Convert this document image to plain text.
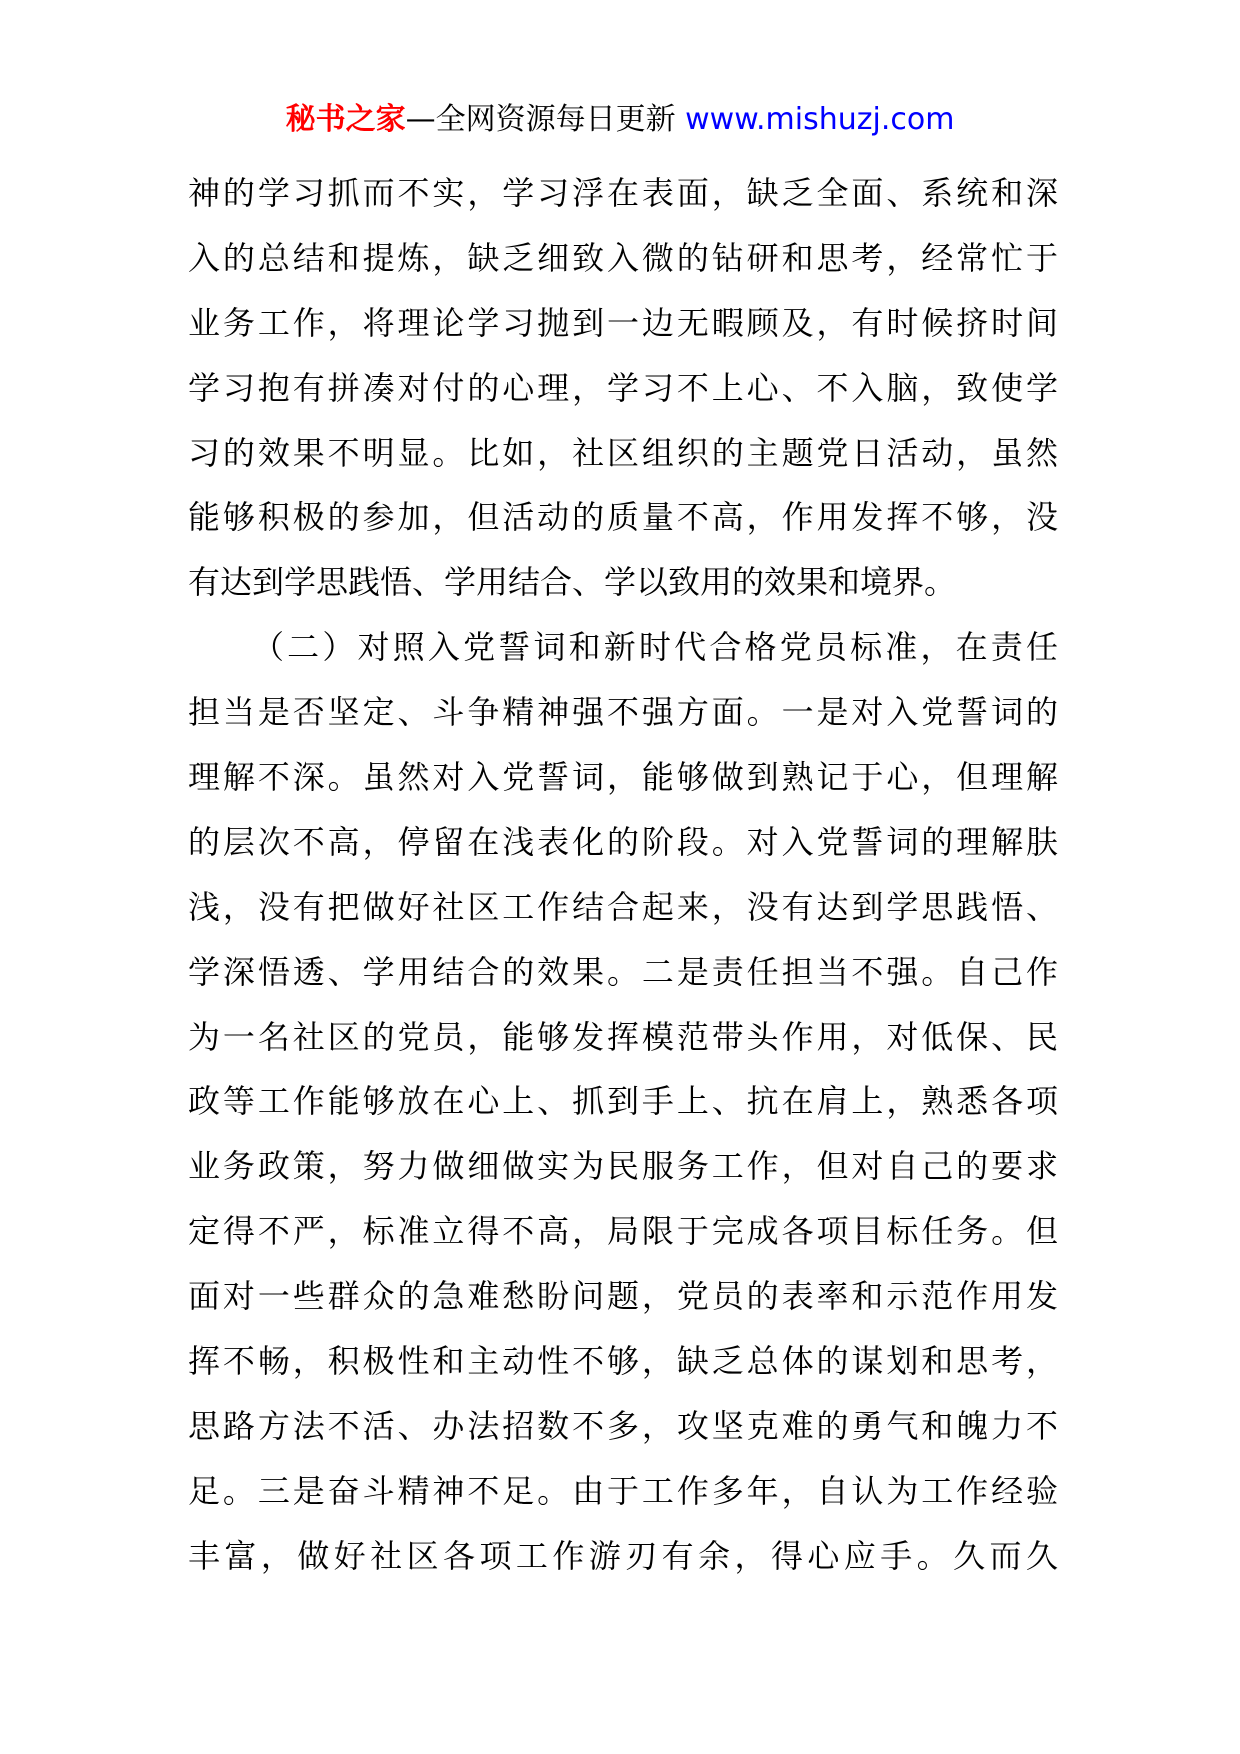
秘书之家—全网资源每日更新 www.mishuzj.com
神的学习抓而不实，学习浮在表面，缺乏全面、系统和深
入的总结和提炼，缺乏细致入微的钻研和思考，经常忙于
业务工作，将理论学习抛到一边无暇顾及，有时候挤时间
学习抱有拼凑对付的心理，学习不上心、不入脑，致使学
习的效果不明显。比如，社区组织的主题党日活动，虽然
能够积极的参加，但活动的质量不高，作用发挥不够，没
有达到学思践悟、学用结合、学以致用的效果和境界。
（二）对照入党誓词和新时代合格党员标准，在责任
担当是否坚定、斗争精神强不强方面。一是对入党誓词的
理解不深。虽然对入党誓词，能够做到熟记于心，但理解
的层次不高，停留在浅表化的阶段。对入党誓词的理解肤
浅，没有把做好社区工作结合起来，没有达到学思践悟、
学深悟透、学用结合的效果。二是责任担当不强。自己作
为一名社区的党员，能够发挥模范带头作用，对低保、民
政等工作能够放在心上、抓到手上、抗在肩上，熟悉各项
业务政策，努力做细做实为民服务工作，但对自己的要求
定得不严，标准立得不高，局限于完成各项目标任务。但
面对一些群众的急难愁盼问题，党员的表率和示范作用发
挥不畅，积极性和主动性不够，缺乏总体的谋划和思考，
思路方法不活、办法招数不多，攻坚克难的勇气和魄力不
足。三是奋斗精神不足。由于工作多年，自认为工作经验
丰富，做好社区各项工作游刃有余，得心应手。久而久
